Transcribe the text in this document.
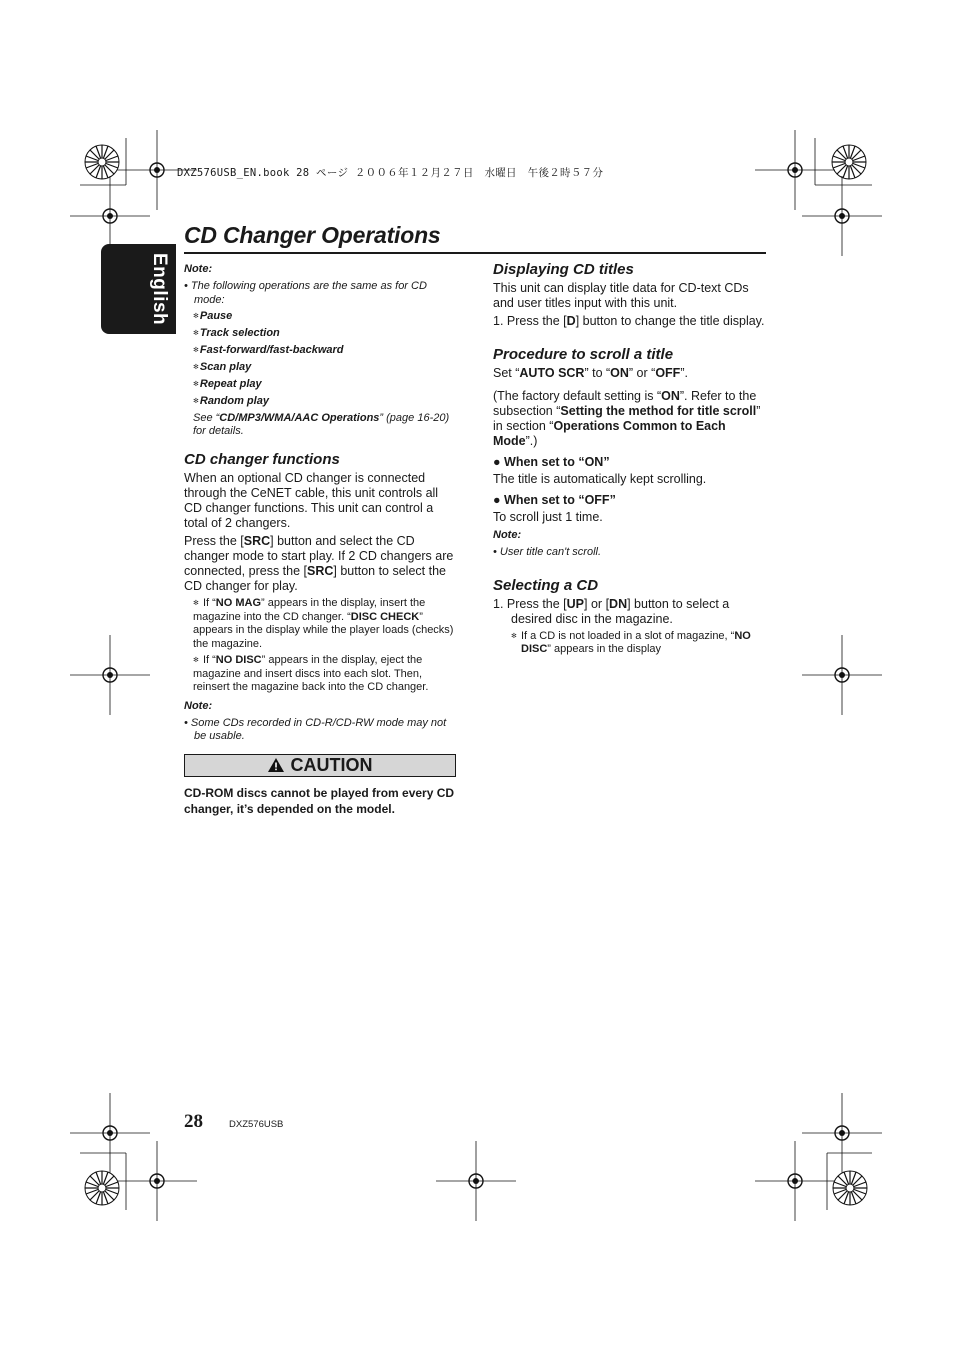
DXZ576USB_EN.book 28 ページ ２００６年１２月２７日　水曜日　午後２時５７分
English
CD Changer Operations
Note:
• The following operations are the same as for CD mode:
✻Pause
✻Track selection
✻Fast-forward/fast-backward
✻Scan play
✻Repeat play
✻Random play
See “CD/MP3/WMA/AAC Operations” (page 16-20) for details.
CD changer functions

When an optional CD changer is connected through the CeNET cable, this unit controls all CD changer functions. This unit can control a total of 2 changers.

Press the [SRC] button and select the CD changer mode to start play. If 2 CD changers are connected, press the [SRC] button to select the CD changer for play.

✻ If “NO MAG” appears in the display, insert the magazine into the CD changer. “DISC CHECK” appears in the display while the player loads (checks) the magazine.
✻ If “NO DISC” appears in the display, eject the magazine and insert discs into each slot. Then, reinsert the magazine back into the CD changer.
Note:
• Some CDs recorded in CD-R/CD-RW mode may not be usable.
CAUTION
CD-ROM discs cannot be played from every CD changer, it’s depended on the model.
Displaying CD titles

This unit can display title data for CD-text CDs and user titles input with this unit.

1. Press the [D] button to change the title display.

Procedure to scroll a title

Set “AUTO SCR” to “ON” or “OFF”.

(The factory default setting is “ON”. Refer to the subsection “Setting the method for title scroll” in section “Operations Common to Each Mode”.)

● When set to “ON”

The title is automatically kept scrolling.

● When set to “OFF”

To scroll just 1 time.

Note:
• User title can't scroll.
Selecting a CD

1. Press the [UP] or [DN] button to select a desired disc in the magazine.

✻ If a CD is not loaded in a slot of magazine, “NO DISC” appears in the display
28	DXZ576USB
